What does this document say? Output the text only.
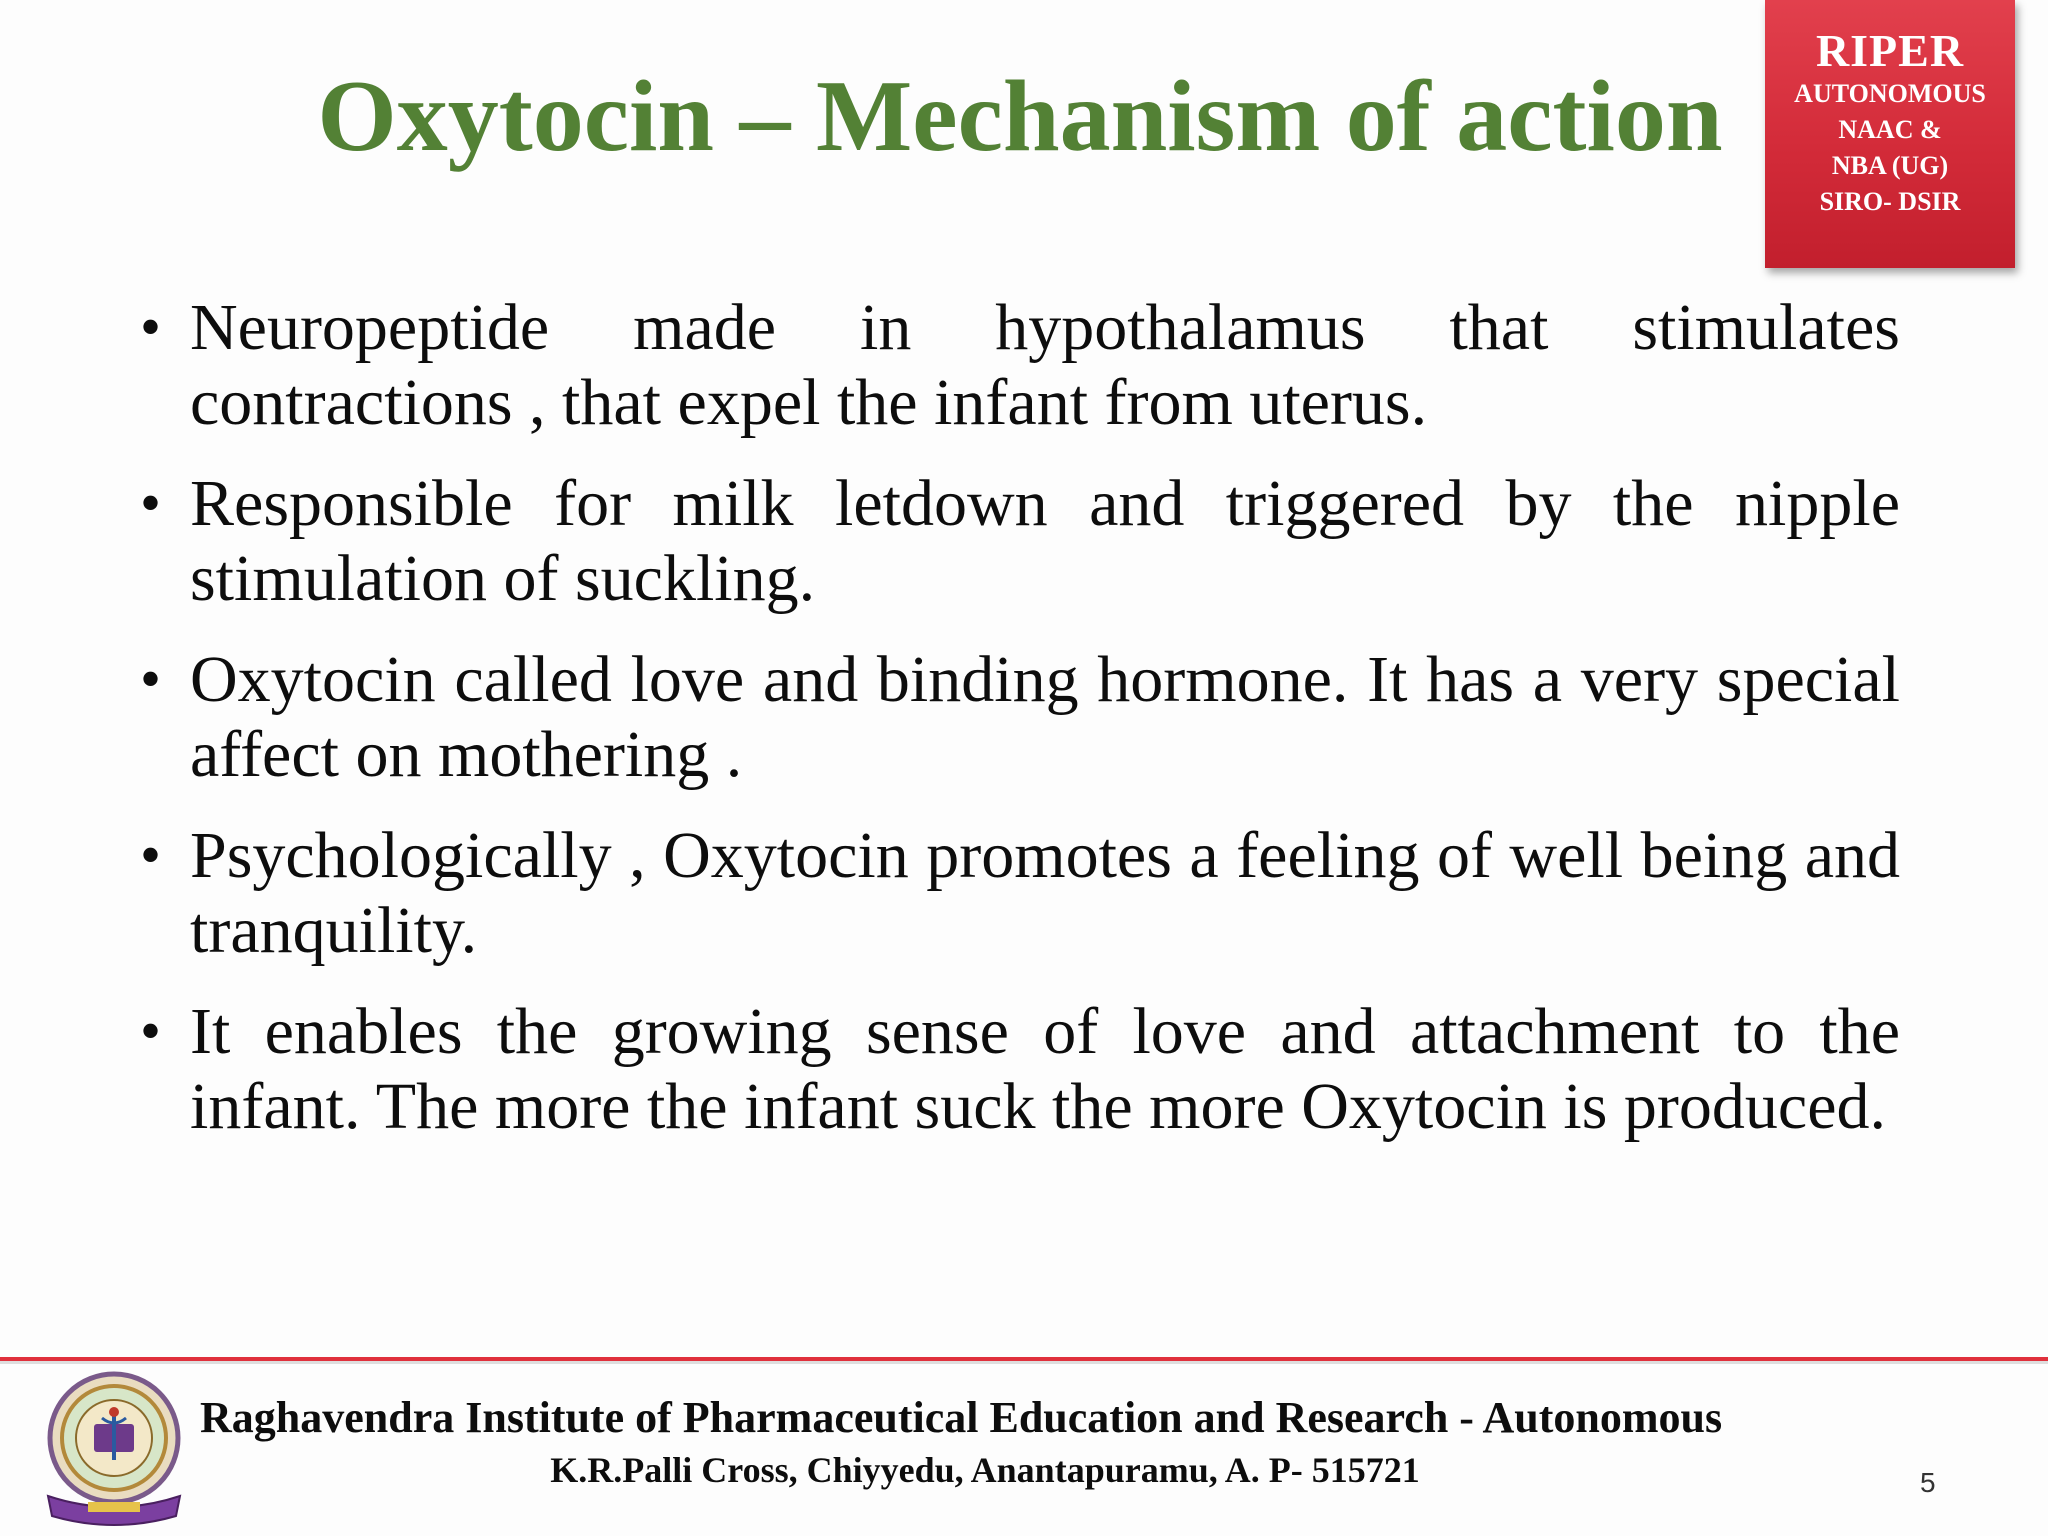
Oxytocin – Mechanism of action
RIPER
AUTONOMOUS
NAAC &
NBA (UG)
SIRO- DSIR
• Neuropeptide made in hypothalamus that stimulates contractions , that expel the infant from uterus.
• Responsible for milk letdown and triggered by the nipple stimulation of suckling.
• Oxytocin called love and binding hormone. It has a very special affect on mothering .
• Psychologically , Oxytocin promotes a feeling of well being and tranquility.
• It enables the growing sense of love and attachment to the infant. The more the infant suck the more Oxytocin is produced.
Raghavendra Institute of Pharmaceutical Education and Research - Autonomous
K.R.Palli Cross, Chiyyedu, Anantapuramu, A. P- 515721	5
